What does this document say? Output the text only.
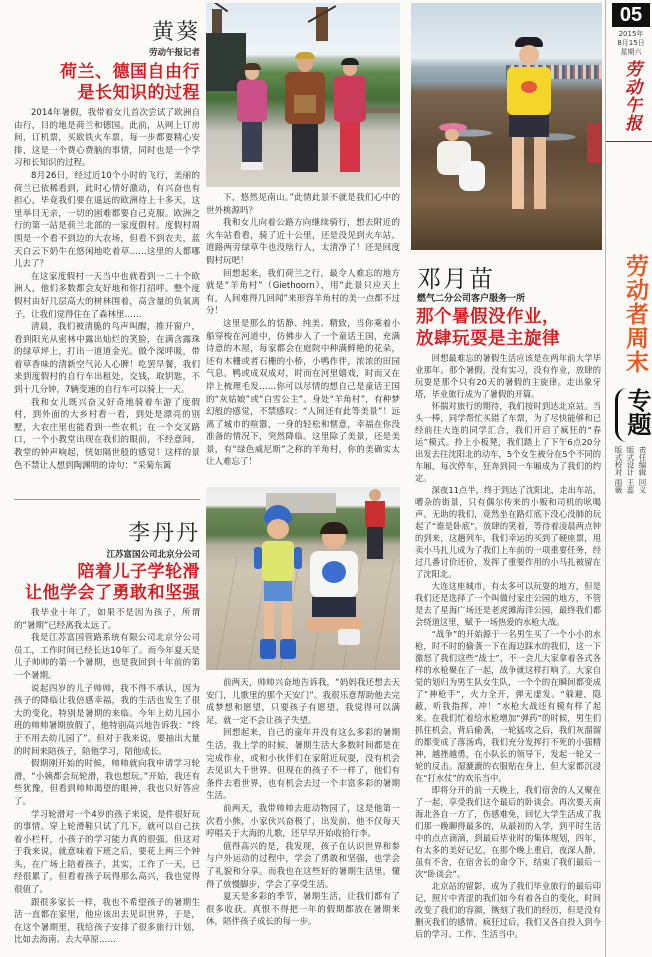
黄葵
劳动午报记者
荷兰、德国自由行
是长知识的过程

2014年暑假，我带着女儿首次尝试了欧洲自由行，目的地是荷兰和德国。此前，从网上订房间，订机票，买欧铁火车票，每一步都要精心安排，这是一个费心费脑的事情，同时也是一个学习和长知识的过程。

8月26日，经过近10个小时的飞行，美丽的荷兰已依稀看到，此时心情好激动，有兴奋也有担心，毕竟我们要在遥远的欧洲待上十多天，这里举目无亲，一切的困难都要自己克服。欧洲之行的第一站是荷兰北部的一家度假村。度假村周围是一个看不到边的大农场，但看不到农夫，蓝天白云下奶牛在悠闲地吃着草……这里的人都哪儿去了？

在这家度假村一天当中也就看到一二十个欧洲人，他们多数都会友好地和你打招呼。整个度假村由好几层高大的树林围着，高含量的负氧离子，让我们觉得住在了森林里……

清晨，我们被清脆的鸟声叫醒，推开窗户，看到阳光从密林中露出灿烂的笑脸，在满含露珠的绿草坪上，打出一道道金光。做个深呼吸，带着草香味的清新空气沁人心脾！吃罢早餐，我们来到度假村的自行车出租处，交钱，取钥匙，不到十几分钟，7辆变速的自行车可以骑上一天。

我和女儿既兴奋又好奇地骑着车游了度假村，到外面的大乡村看一看，到处是漂亮的别墅，大农庄里也能看到一些农机；在一个交叉路口，一个小教堂出现在我们的眼前，不经意间，教堂的钟声响起，恍如隔世般的感觉！这样的景色不禁让人想到陶渊明的诗句：“采菊东篱

下，悠然见南山。”此情此景不就是我们心中的世外桃源吗？

我和女儿向着公路方向继续骑行，想去附近的火车站看看，骑了近十公里，还是没见到火车站。道路两旁绿草牛也没啥行人，太清净了！还是回度假村玩吧！

回想起来，我们荷兰之行，最令人难忘的地方就是“羊角村”（Giethoorn），用“此景只应天上有，人间难得几回闻”来形容羊角村的美一点都不过分！

这里是那么的恬静、纯美、精致，当你乘着小船穿梭在河道中，仿佛步入了一个童话王国，充满诗意的木屋，每家都会在庭院中种满鲜艳的花朵，还有木栅或者石栅的小桥，小鸭作伴，浓浓的田园气息。鸭或成双成对，时而在河里嬉戏，时而又在岸上梳理毛发……你可以尽情的想自己是童话王国的“灰姑娘”或“白雪公主”。身处“羊角村”，有种梦幻般的感觉，不禁感叹：“人间还有此等美景”！远离了城市的喧嚣，一身的轻松和惬意，幸福在你没准备的情况下，突然降临。这里除了美景，还是美景，有“绿色威尼斯”之称的羊角村，你的美确实太让人难忘了！

李丹丹
江苏富国公司北京分公司
陪着儿子学轮滑
让他学会了勇敢和坚强

我毕业十年了，如果不是因为孩子，所谓的“暑期”已经离我太远了。

我是江苏富国管路系统有限公司北京分公司员工，工作时间已经长达10年了。而今年夏天是儿子帅帅的第一个暑期，也是我回到十年前的第一个暑期。

说起四岁的儿子帅帅，我不得不承认，因为孩子的降临让我倍感幸福，我的生活也发生了很大的变化，特别是暑期的来临。今年上幼儿园小班的帅帅暑期放假了，他特别高兴地告诉我：“终于不用去幼儿园了”。但对于我来说，要抽出大量的时间来陪孩子，陪他学习，陪他成长。

假期刚开始的时候，帅帅就向我申请学习轮滑，“小姨都会玩轮滑，我也想玩。”开始，我还有些犹豫，但看到帅帅渴望的眼神，我也只好答应了。

学习轮滑对一个4岁的孩子来说，是件很好玩的事情。穿上轮滑鞋只试了几下，就可以自己扶着小栏杆，小孩子的学习能力真的很强。但这对于我来说，就意味着下班之后，要花上两三个钟头，在广场上陪着孩子，其实，工作了一天，已经很累了，但看着孩子玩得那么高兴，我也觉得很值了。

跟很多家长一样，我也不希望孩子的暑期生活一直都在家里，他应该出去见识世界，于是，在这个暑期里，我给孩子安排了很多旅行计划，比如去海南、去大草原……

前两天，帅帅兴奋地告诉我，“妈妈我还想去天安门，儿歌里的那个天安门”。我很乐意帮助他去完成梦想和愿望，只要孩子有愿望，我觉得可以满足，就一定不会让孩子失望。

回想起来，自己的童年并没有这么多彩的暑期生活，我上学的时候，暑期生活大多数时间都是在完成作业，或和小伙伴们在家附近玩耍，没有机会去见识大千世界。但现在的孩子不一样了，他们有条件去看世界，也有机会去过一个丰富多彩的暑期生活。

前两天，我带帅帅去逛动物园了，这是他第一次看小熊，小家伙兴奋极了，出发前，他不仅每天哼唱关于大海的儿歌，还早早开始收拾行李。

值得高兴的是，我发现，孩子在认识世界和参与户外运动的过程中，学会了勇敢和坚强，也学会了礼貌和分享。而我也在这些好的暑期生活里，懂得了放慢脚步，学会了享受生活。

夏天是多彩的季节，暑期生活，让我们都有了很多收获。真恨不得把一年的假期都放在暑期来休，陪伴孩子成长的每一步。

邓月苗
燃气二分公司客户服务一所
那个暑假没作业，
放肆玩耍是主旋律

回想最难忘的暑假生活应该是在两年前大学毕业那年。那个暑假，没有实习，没有作业，放肆的玩耍是那个只有20天的暑假的主旋律。走出象牙塔，毕业旅行成为了暑假的开篇。

怀揣对旅行的期待，我们按时到达北京站。当头一棒，同学帮忙买错了车票，为了尽快能够和已经前往大连的同学汇合，我们开启了疯狂的“春运”模式。拎上小板凳，我们踏上了下午6点20分出发去往沈阳北的动车，5个女生被分在5个不同的车厢，每次停车，狂奔到同一车厢成为了我们的约定。

深夜11点半，终于到达了沈阳北，走出车站，嘈杂的街景，只有偶尔传来的小贩和司机的吆喝声。无助的我们，竟然坐在路灯底下没心没肺的玩起了“谁是卧底”。放肆的笑着，等待着凌晨两点钟的到来，这趟列车，我们幸运的买到了硬座票，甩卖小马扎儿成为了我们上车前的一项重要任务，经过几番讨价还价，发挥了重要作用的小马扎被留在了沈阳北。

大连这座城市，有太多可以玩耍的地方，但是我们还是选择了一个叫做付家庄公园的地方，不管是去了星海广场还是老虎滩海洋公园，最终我们都会绕道这里，赋予一场热爱的水枪大战。

“战争”的开始源于一名男生买了一个小小的水枪，时不时的偷袭一下在海边踩水的我们，这一下激怒了我们这些“战士”，不一会儿大家拿着各式各样的水枪聚在了一起，战争就这样打响了。大家自觉的划归为男生队女生队，一个个的在瞬间都变成了“神枪手”，火力全开，弹无虚发。“躲避，隐蔽，听我指挥，冲！”水枪大战还有模有样了起来。在我们忙着给水枪增加“弹药”的时候，男生们抓住机会，背后偷袭，一轮猛攻之后，我们灰溜溜的都变成了落汤鸡，我们充分发挥打不死的小强精神，越挫越勇，在小队长的领导下，发起一轮又一轮的反击。湿漉漉的衣服贴在身上，但大家都沉浸在“打水仗”的欢乐当中。

即将分开的前一天晚上，我们宿舍的人又聚在了一起，享受我们这个最后的卧谈会。再次要天南海北各自一方了，伤感难免，回忆大学生活成了我们那一晚聊得最多的，从最初的入学，到平时生活中的点点滴滴，到最后毕业时的集体规划，四年，有太多的美好记忆，在那个晚上重启，夜深人静，虽有不舍，在宿舍长的命令下，结束了我们最后一次“卧谈会”。

北京站的留影，成为了我们毕业旅行的最后印记，照片中青涩的我们如今有着各自的变化，时间改变了我们的容颜，镌刻了我们的经历，但是没有删灭我们的感情。疯狂过后，我们又各自投入到今后的学习、工作、生活当中。

05
2015年
8月15日
星期六
劳动午报
劳动者周末
专题
责任编辑 回义
版式设计 王蕊
版式校对 雨薇
